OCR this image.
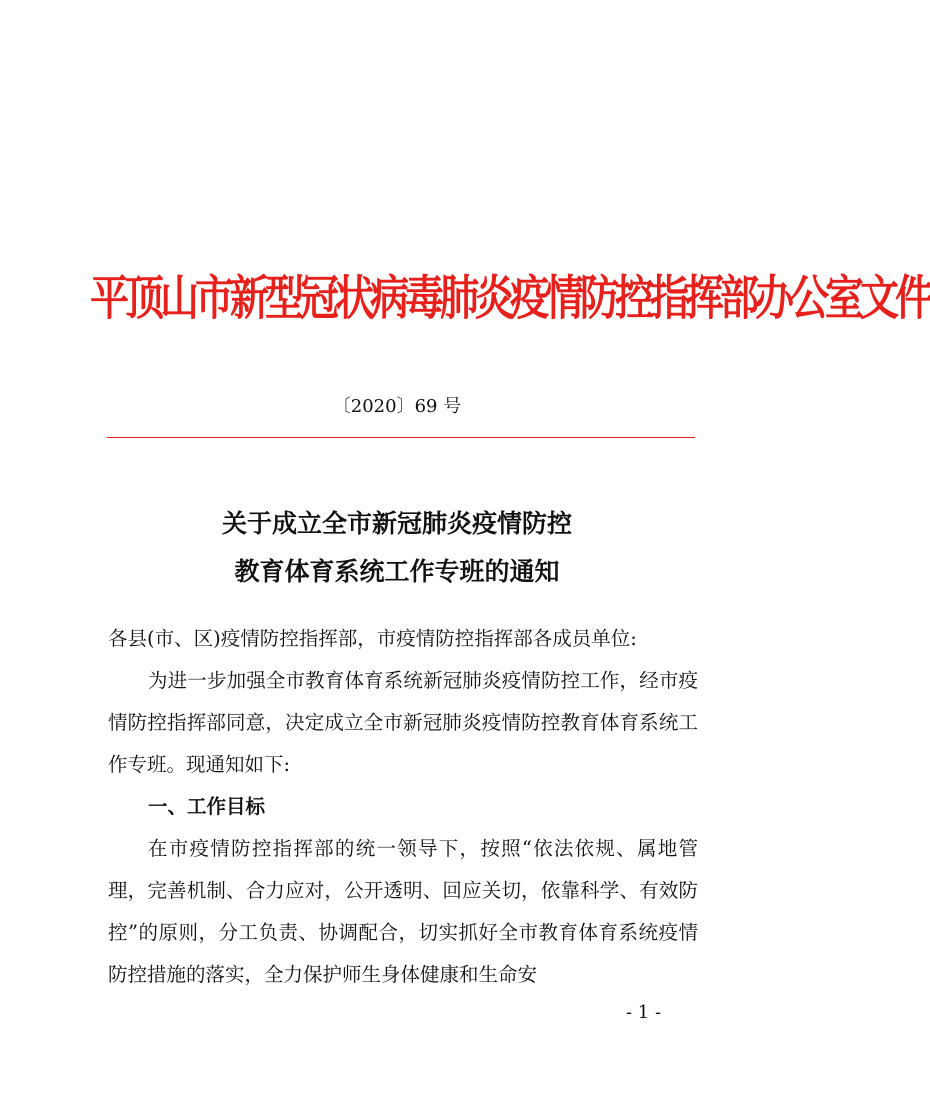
平顶山市新型冠状病毒肺炎疫情防控指挥部办公室文件
〔2020〕69 号
关于成立全市新冠肺炎疫情防控
教育体育系统工作专班的通知

各县(市、区)疫情防控指挥部，市疫情防控指挥部各成员单位:

为进一步加强全市教育体育系统新冠肺炎疫情防控工作，经市疫情防控指挥部同意，决定成立全市新冠肺炎疫情防控教育体育系统工作专班。现通知如下:

一、工作目标

在市疫情防控指挥部的统一领导下，按照“依法依规、属地管理，完善机制、合力应对，公开透明、回应关切，依靠科学、有效防控”的原则，分工负责、协调配合，切实抓好全市教育体育系统疫情防控措施的落实，全力保护师生身体健康和生命安

- 1 -
